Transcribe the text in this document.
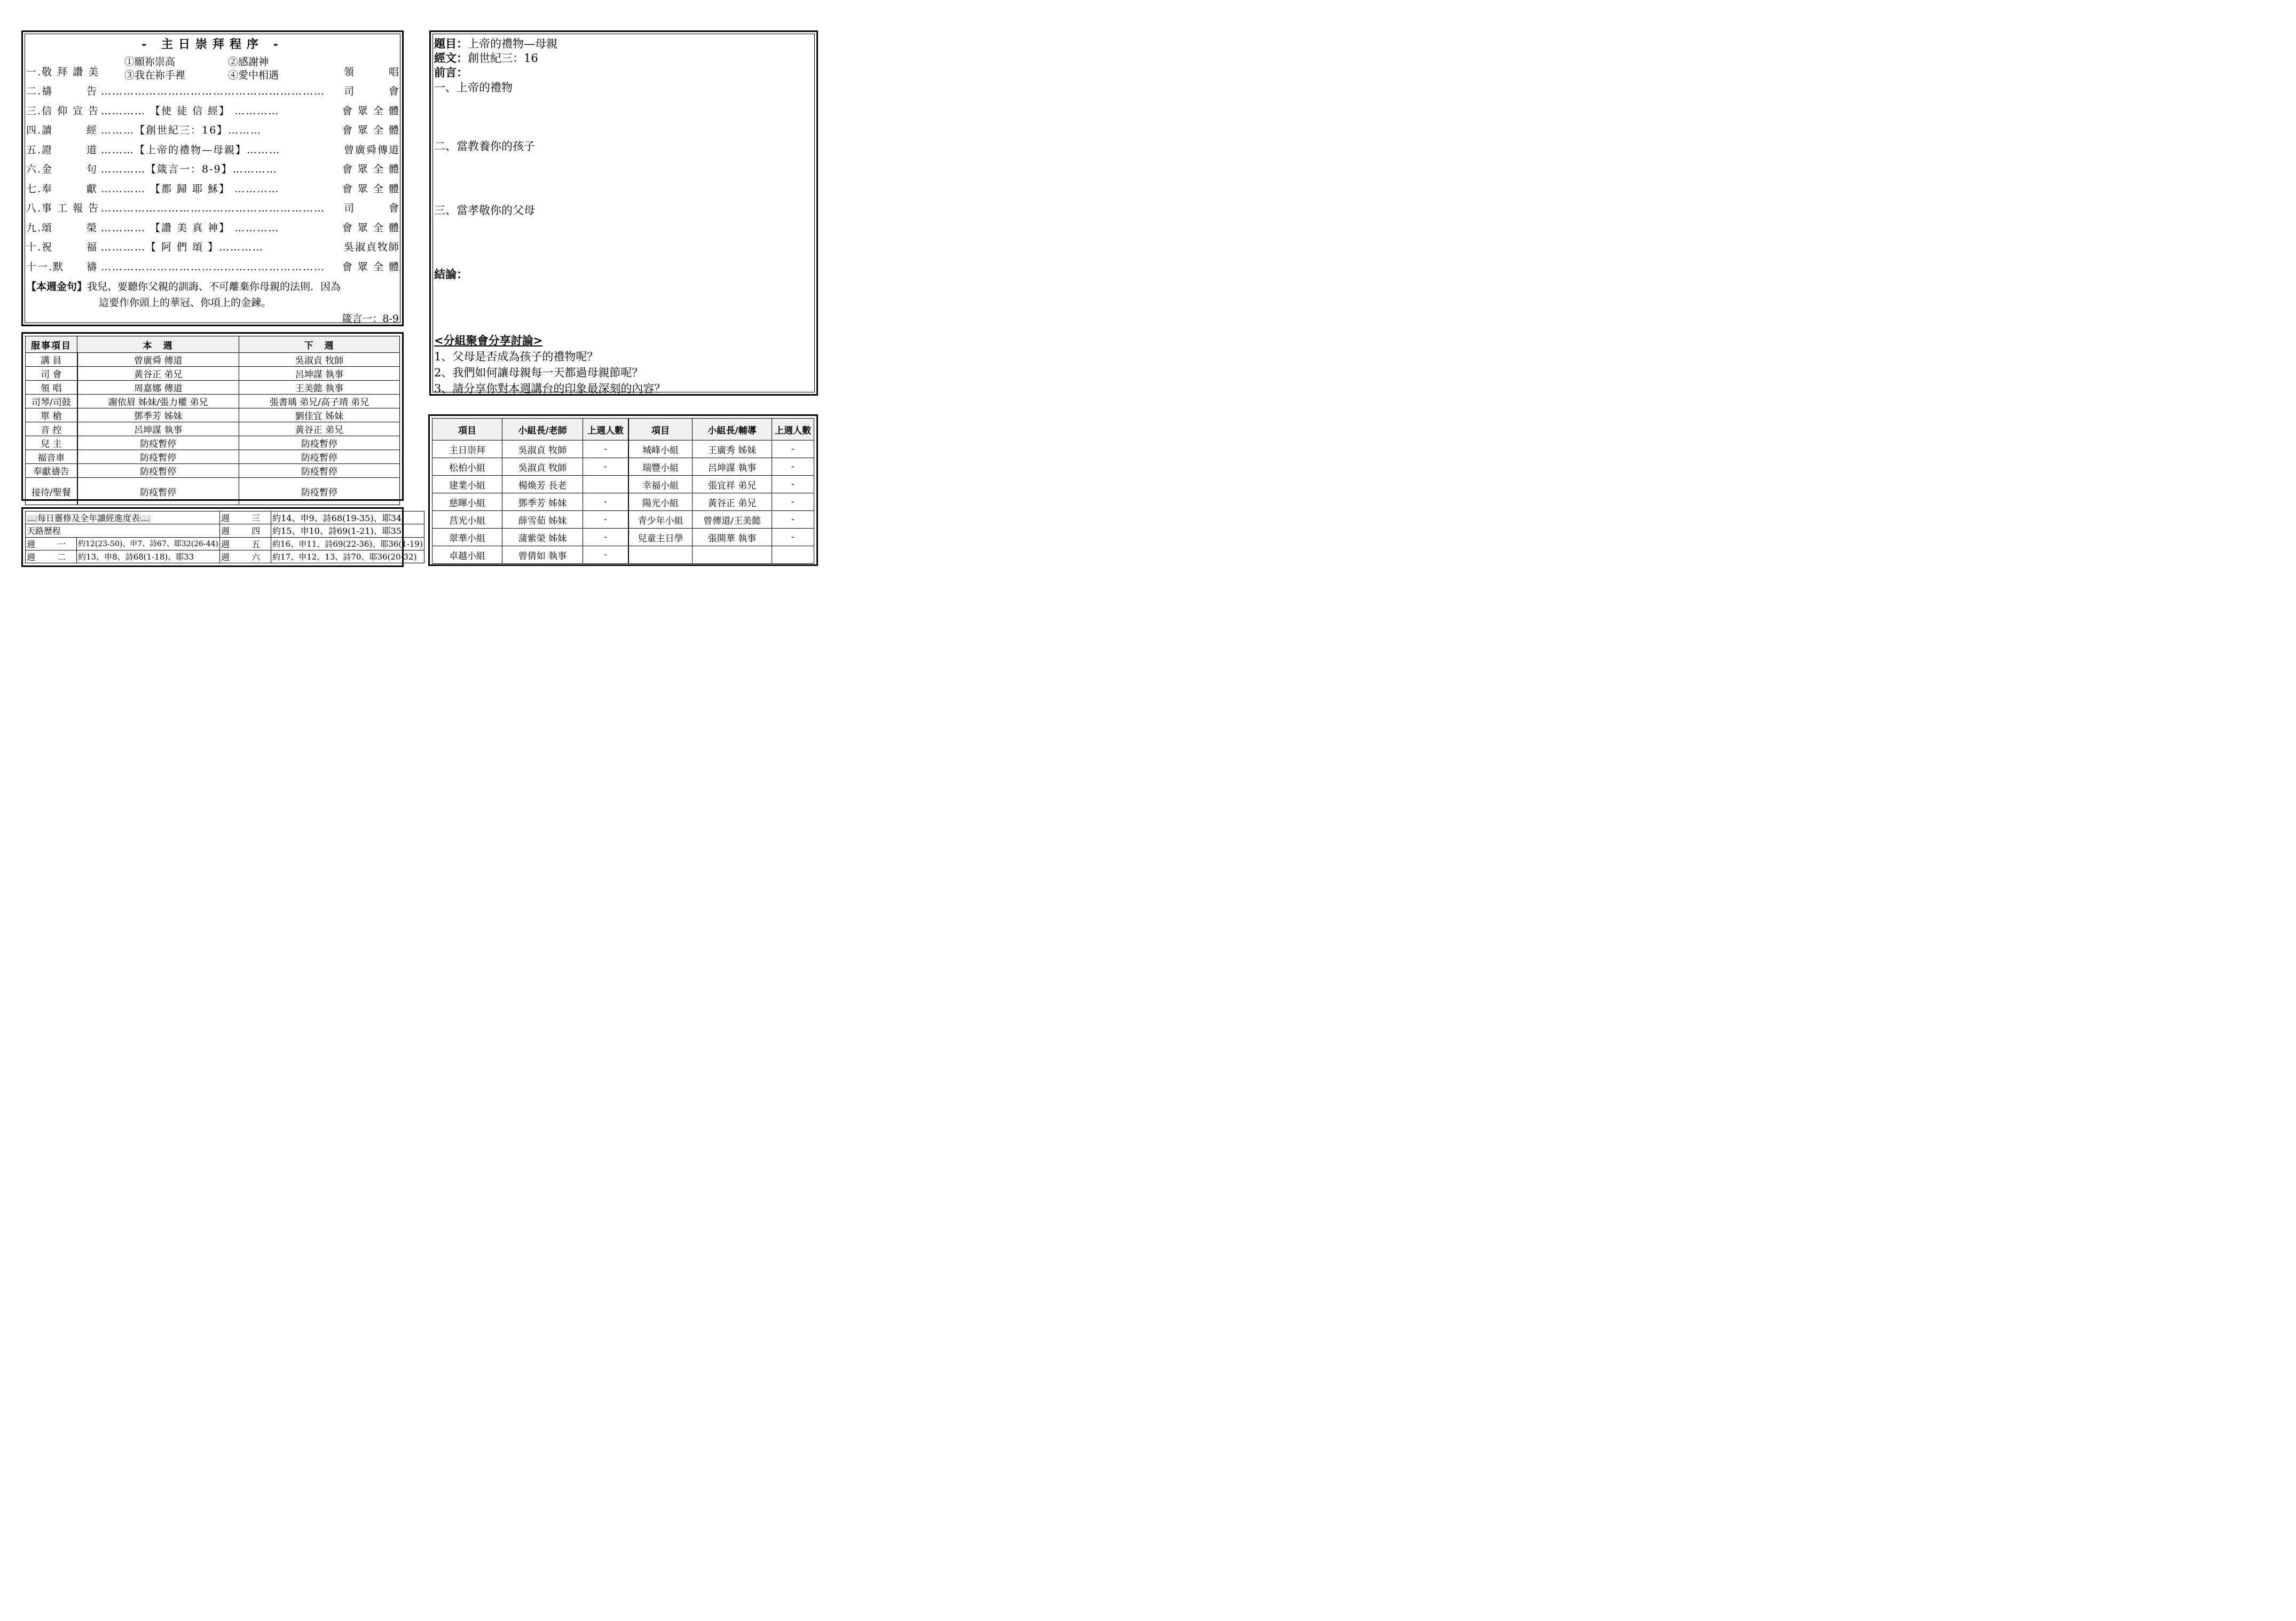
- 主日崇拜程序 -
①願祢崇高	②感謝神
③我在祢手裡	④愛中相遇
一.敬 拜 讚 美	領　　　唱
二.禱　　　告 …………………………………………………… 司　　　會
三.信 仰 宣 告 ………… 【使 徒 信 經】 …………	會 眾 全 體
四.讀　　　經 ………【創世紀三：16】………	會 眾 全 體
五.證　　　道 ………【上帝的禮物—母親】………	曾廣舜傳道
六.金　　　句 …………【箴言一：8-9】…………	會 眾 全 體
七.奉　　　獻 ………… 【都 歸 耶 穌】 …………	會 眾 全 體
八.事 工 報 告 …………………………………………………… 司　　　會
九.頌　　　榮 ………… 【讚 美 真 神】 …………	會 眾 全 體
十.祝　　　福 …………【 阿 們 頌 】…………	吳淑貞牧師
十一.默　　禱 …………………………………………………… 會 眾 全 體
【本週金句】我兒、要聽你父親的訓誨、不可離棄你母親的法則．因為
這要作你頭上的華冠、你項上的金鍊。
箴言一：8-9
服事項目	本　週	下　週
講 員	曾廣舜 傳道	吳淑貞 牧師
司 會	黃谷正 弟兄	呂坤謀 執事
領 唱	周嘉娜 傳道	王美懿 執事
司琴/司鼓	謝依眉 姊妹/張力權 弟兄	張書瑀 弟兄/高子靖 弟兄
單 槍	鄧季芳 姊妹	劉佳宜 姊妹
音 控	呂坤謀 執事	黃谷正 弟兄
兒 主	防疫暫停	防疫暫停
福音車	防疫暫停	防疫暫停
奉獻禱告	防疫暫停	防疫暫停
接待/聖餐	防疫暫停	防疫暫停
📖每日靈修及全年讀經進度表📖		週 三	約14、申9、詩68(19-35)、耶34
天路歷程		週 四	約15、申10、詩69(1-21)、耶35
週 一	約12(23-50)、申7、詩67、耶32(26-44)	週 五	約16、申11、詩69(22-36)、耶36(1-19)
週 二	約13、申8、詩68(1-18)、耶33	週 六	約17、申12、13、詩70、耶36(20-32)
題目：上帝的禮物—母親
經文：創世紀三：16
前言：
一、上帝的禮物
二、當教養你的孩子
三、當孝敬你的父母
結論：
<分組聚會分享討論>
1、父母是否成為孩子的禮物呢？
2、我們如何讓母親每一天都過母親節呢？
3、請分享你對本週講台的印象最深刻的內容？
項目	小組長/老師	上週人數	項目	小組長/輔導	上週人數
主日崇拜	吳淑貞 牧師	-	城峰小組	王廣秀 姊妹	-
松柏小組	吳淑貞 牧師	-	瑞豐小組	呂坤謀 執事	-
建業小組	楊煥芳 長老		幸福小組	張宜祥 弟兄	-
慈暉小組	鄧季芳 姊妹	-	陽光小組	黃谷正 弟兄	-
莒光小組	薛雪茹 姊妹	-	青少年小組	曾傳道/王美懿	-
翠華小組	蒲紫榮 姊妹	-	兒童主日學	張開華 執事	-
卓越小組	曾倩如 執事	-			
